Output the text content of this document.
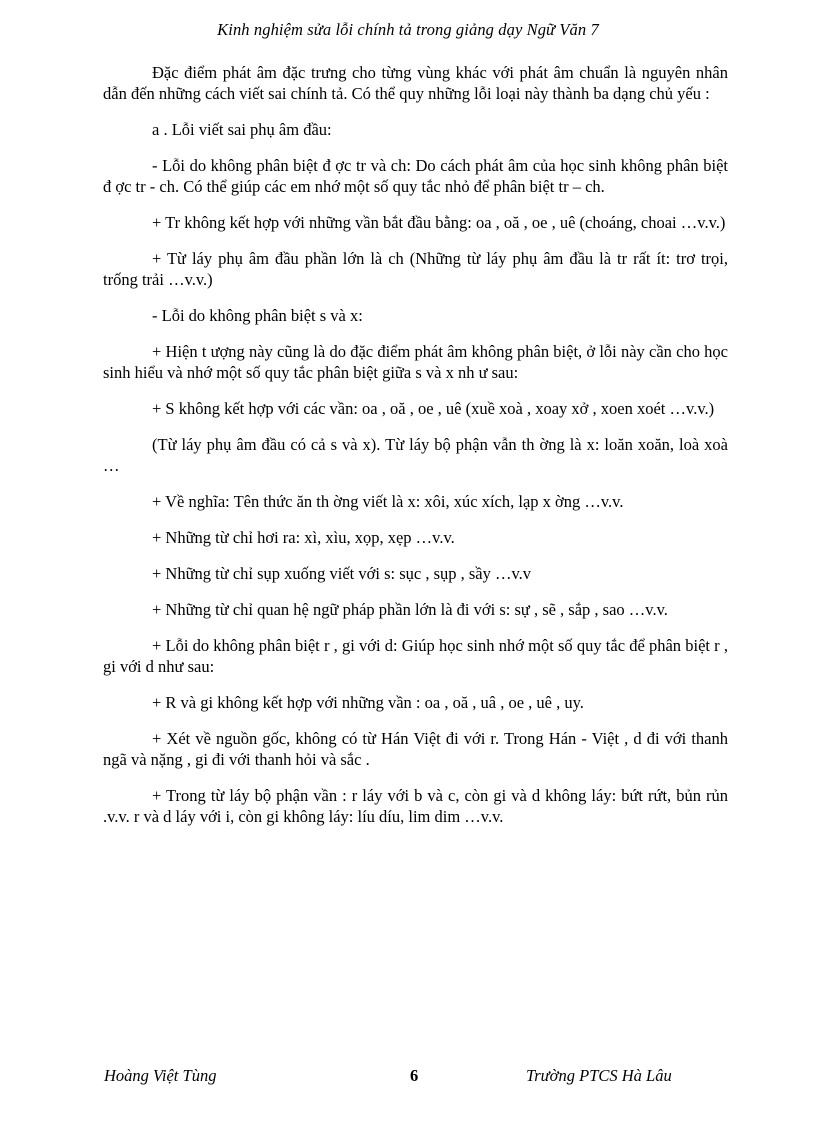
Kinh nghiệm sửa lỗi chính tả trong giảng dạy Ngữ Văn 7

Đặc điểm phát âm đặc trưng cho từng vùng khác với phát âm chuẩn là nguyên nhân dẫn đến những cách viết sai chính tả. Có thể quy những lỗi loại này thành ba dạng chủ yếu :

a . Lỗi viết sai phụ âm đầu:

- Lỗi do không phân biệt đ ợc tr và ch: Do cách phát âm của học sinh không phân biệt đ ợc tr - ch. Có thể giúp các em nhớ một số quy tắc nhỏ để phân biệt tr – ch.

+ Tr không kết hợp với những vần bắt đầu bằng: oa , oă , oe , uê (choáng, choai …v.v.)

+ Từ láy phụ âm đầu phần lớn là ch (Những từ láy phụ âm đầu là tr rất ít: trơ trọi, trống trải …v.v.)

- Lỗi do không phân biệt s và x:

+ Hiện t ượng này cũng là do đặc điểm phát âm không phân biệt, ở lỗi này cần cho học sinh hiểu và nhớ một số quy tắc phân biệt giữa s và x nh ư sau:

+ S không kết hợp với các vần: oa , oă , oe , uê (xuề xoà , xoay xở , xoen xoét …v.v.)

(Từ láy phụ âm đầu có cả s và x). Từ láy bộ phận vẫn th ờng là x: loăn xoăn, loà xoà …

+ Về nghĩa: Tên thức ăn th ờng viết là x: xôi, xúc xích, lạp x ờng …v.v.

+ Những từ chỉ hơi ra: xì, xìu, xọp, xẹp …v.v.

+ Những từ chỉ sụp xuống viết với s: sục , sụp , sầy …v.v

+ Những từ chỉ quan hệ ngữ pháp phần lớn là đi với s: sự , sẽ , sắp , sao …v.v.

+ Lỗi do không phân biệt r , gi với d: Giúp học sinh nhớ một số quy tắc để phân biệt r , gi với d như sau:

+ R và gi không kết hợp với những vần : oa , oă , uâ , oe , uê , uy.

+ Xét về nguồn gốc, không có từ Hán Việt đi với r. Trong Hán - Việt , d đi với thanh ngã và nặng , gi đi với thanh hỏi và sắc .

+ Trong từ láy bộ phận vần : r láy với b và c, còn gi và d không láy: bứt rứt, bủn rủn .v.v. r và d láy với i, còn gi không láy: líu díu, lim dim …v.v.

Hoàng Việt Tùng	6	Trường PTCS Hà Lâu
